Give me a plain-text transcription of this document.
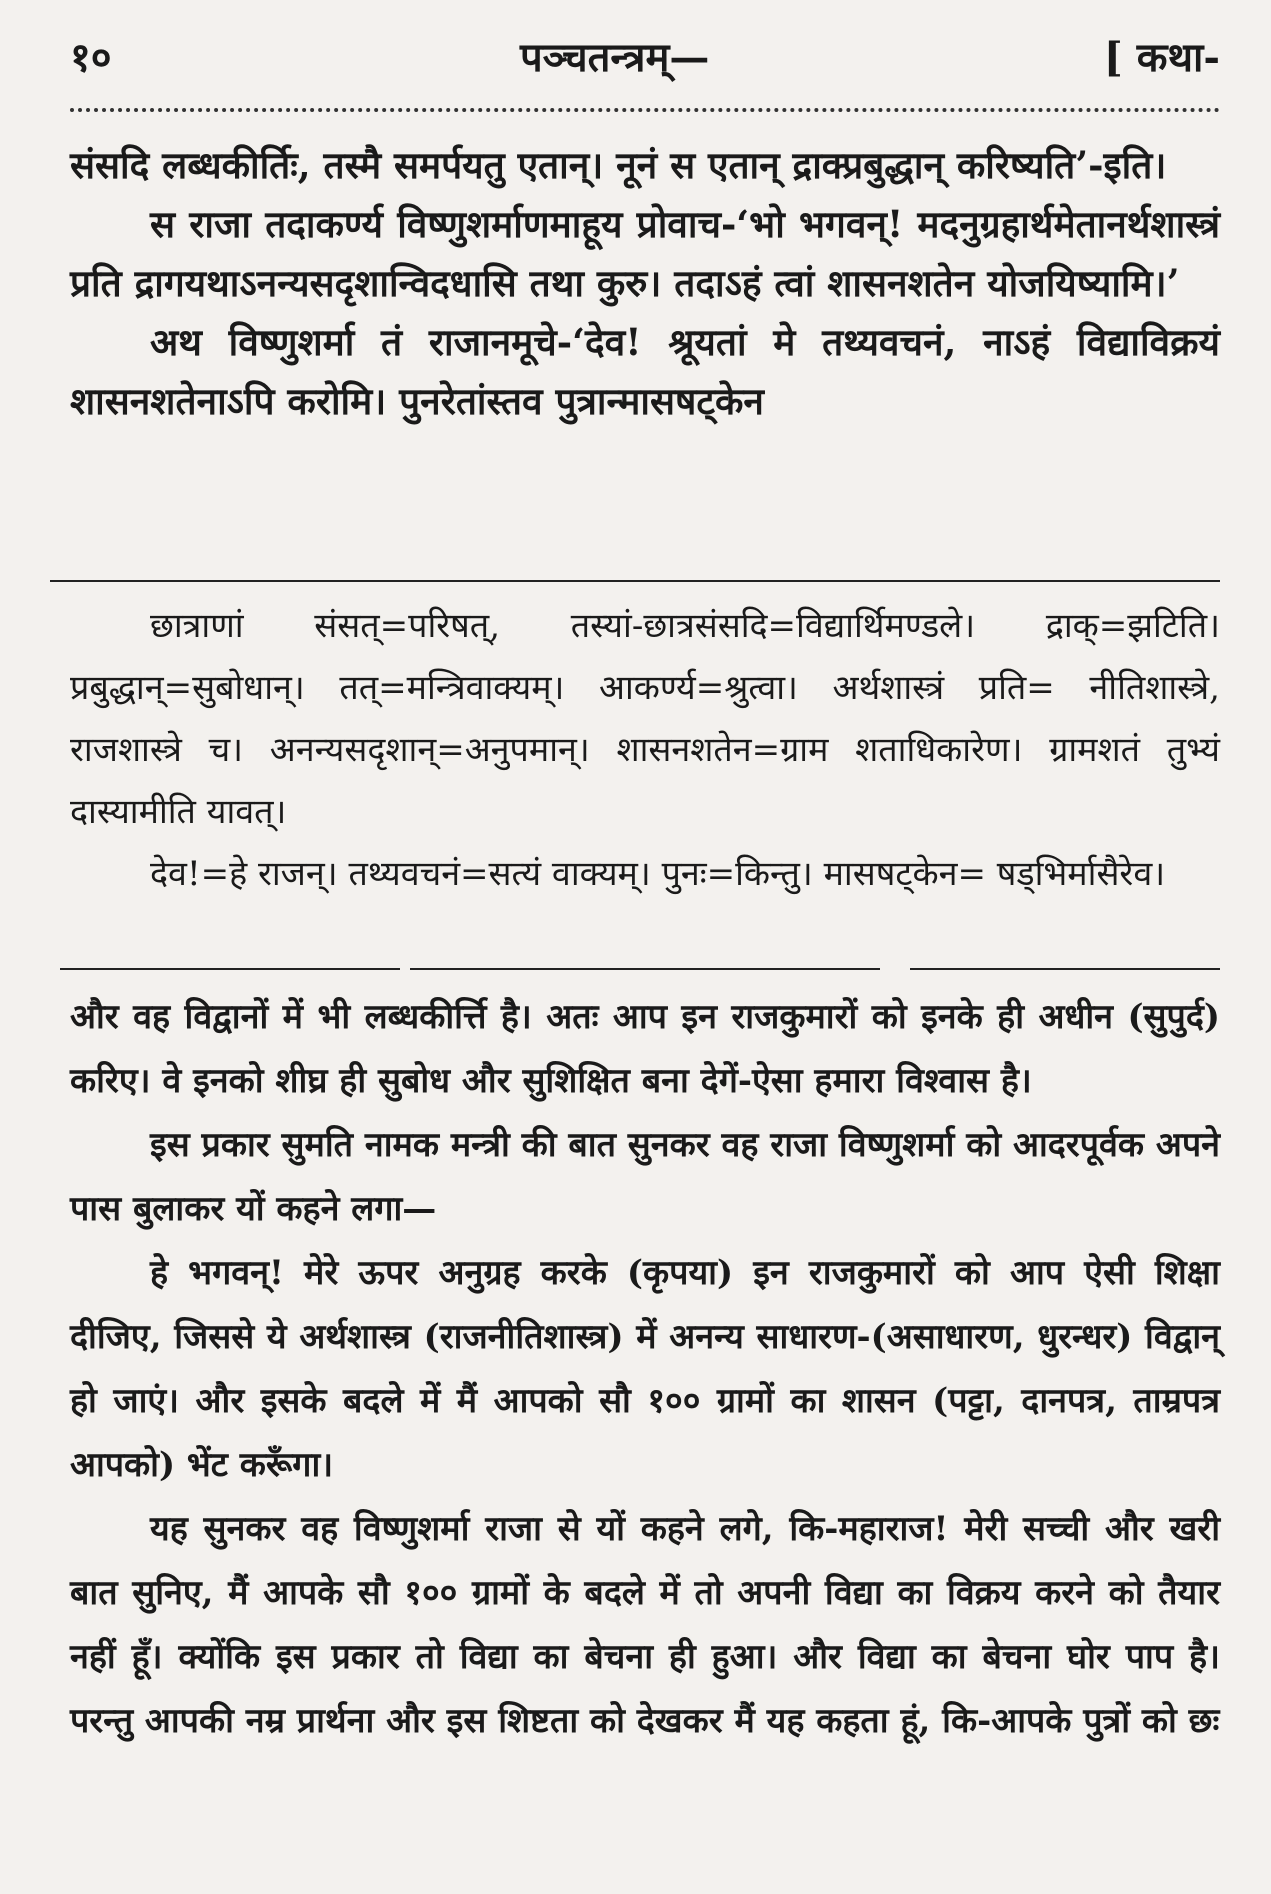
१०	पञ्चतन्त्रम्—	[ कथा-

संसदि लब्धकीर्तिः, तस्मै समर्पयतु एतान्। नूनं स एतान् द्राक्प्रबुद्धान् करिष्यति’-इति।

स राजा तदाकर्ण्य विष्णुशर्माणमाहूय प्रोवाच-‘भो भगवन्! मदनुग्रहार्थमेतानर्थशास्त्रं प्रति द्रागयथाऽनन्यसदृशान्विदधासि तथा कुरु। तदाऽहं त्वां शासनशतेन योजयिष्यामि।’

अथ विष्णुशर्मा तं राजानमूचे-‘देव! श्रूयतां मे तथ्यवचनं, नाऽहं विद्याविक्रयं शासनशतेनाऽपि करोमि। पुनरेतांस्तव पुत्रान्मासषट्केन

छात्राणां संसत्=परिषत्, तस्यां-छात्रसंसदि=विद्यार्थिमण्डले। द्राक्=झटिति। प्रबुद्धान्=सुबोधान्। तत्=मन्त्रिवाक्यम्। आकर्ण्य=श्रुत्वा। अर्थशास्त्रं प्रति= नीतिशास्त्रे, राजशास्त्रे च। अनन्यसदृशान्=अनुपमान्। शासनशतेन=ग्राम शताधिकारेण। ग्रामशतं तुभ्यं दास्यामीति यावत्।

देव!=हे राजन्। तथ्यवचनं=सत्यं वाक्यम्। पुनः=किन्तु। मासषट्केन= षड्भिर्मासैरेव।

और वह विद्वानों में भी लब्धकीर्त्ति है। अतः आप इन राजकुमारों को इनके ही अधीन (सुपुर्द) करिए। वे इनको शीघ्र ही सुबोध और सुशिक्षित बना देगें-ऐसा हमारा विश्वास है।

इस प्रकार सुमति नामक मन्त्री की बात सुनकर वह राजा विष्णुशर्मा को आदरपूर्वक अपने पास बुलाकर यों कहने लगा—

हे भगवन्! मेरे ऊपर अनुग्रह करके (कृपया) इन राजकुमारों को आप ऐसी शिक्षा दीजिए, जिससे ये अर्थशास्त्र (राजनीतिशास्त्र) में अनन्य साधारण-(असाधारण, धुरन्धर) विद्वान् हो जाएं। और इसके बदले में मैं आपको सौ १०० ग्रामों का शासन (पट्टा, दानपत्र, ताम्रपत्र आपको) भेंट करूँगा।

यह सुनकर वह विष्णुशर्मा राजा से यों कहने लगे, कि-महाराज! मेरी सच्ची और खरी बात सुनिए, मैं आपके सौ १०० ग्रामों के बदले में तो अपनी विद्या का विक्रय करने को तैयार नहीं हूँ। क्योंकि इस प्रकार तो विद्या का बेचना ही हुआ। और विद्या का बेचना घोर पाप है। परन्तु आपकी नम्र प्रार्थना और इस शिष्टता को देखकर मैं यह कहता हूं, कि-आपके पुत्रों को छः
